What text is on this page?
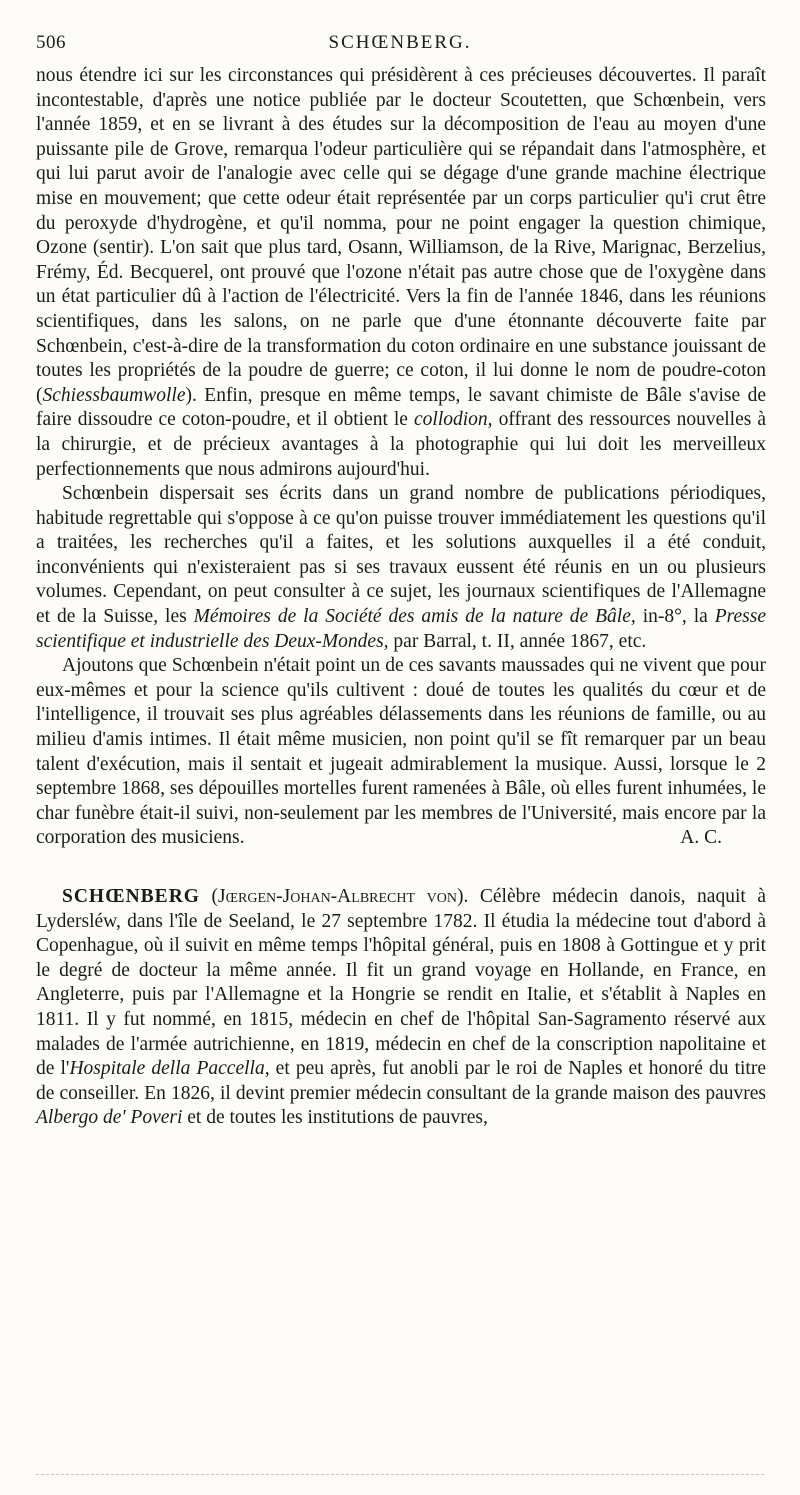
506	SCHŒNBERG.

nous étendre ici sur les circonstances qui présidèrent à ces précieuses découvertes. Il paraît incontestable, d'après une notice publiée par le docteur Scoutetten, que Schœnbein, vers l'année 1859, et en se livrant à des études sur la décomposition de l'eau au moyen d'une puissante pile de Grove, remarqua l'odeur particulière qui se répandait dans l'atmosphère, et qui lui parut avoir de l'analogie avec celle qui se dégage d'une grande machine électrique mise en mouvement; que cette odeur était représentée par un corps particulier qu'i crut être du peroxyde d'hydrogène, et qu'il nomma, pour ne point engager la question chimique, Ozone (sentir). L'on sait que plus tard, Osann, Williamson, de la Rive, Marignac, Berzelius, Frémy, Éd. Becquerel, ont prouvé que l'ozone n'était pas autre chose que de l'oxygène dans un état particulier dû à l'action de l'électricité. Vers la fin de l'année 1846, dans les réunions scientifiques, dans les salons, on ne parle que d'une étonnante découverte faite par Schœnbein, c'est-à-dire de la transformation du coton ordinaire en une substance jouissant de toutes les propriétés de la poudre de guerre; ce coton, il lui donne le nom de poudre-coton (Schiessbaumwolle). Enfin, presque en même temps, le savant chimiste de Bâle s'avise de faire dissoudre ce coton-poudre, et il obtient le collodion, offrant des ressources nouvelles à la chirurgie, et de précieux avantages à la photographie qui lui doit les merveilleux perfectionnements que nous admirons aujourd'hui.

Schœnbein dispersait ses écrits dans un grand nombre de publications périodiques, habitude regrettable qui s'oppose à ce qu'on puisse trouver immédiatement les questions qu'il a traitées, les recherches qu'il a faites, et les solutions auxquelles il a été conduit, inconvénients qui n'existeraient pas si ses travaux eussent été réunis en un ou plusieurs volumes. Cependant, on peut consulter à ce sujet, les journaux scientifiques de l'Allemagne et de la Suisse, les Mémoires de la Société des amis de la nature de Bâle, in-8°, la Presse scientifique et industrielle des Deux-Mondes, par Barral, t. II, année 1867, etc.

Ajoutons que Schœnbein n'était point un de ces savants maussades qui ne vivent que pour eux-mêmes et pour la science qu'ils cultivent : doué de toutes les qualités du cœur et de l'intelligence, il trouvait ses plus agréables délassements dans les réunions de famille, ou au milieu d'amis intimes. Il était même musicien, non point qu'il se fît remarquer par un beau talent d'exécution, mais il sentait et jugeait admirablement la musique. Aussi, lorsque le 2 septembre 1868, ses dépouilles mortelles furent ramenées à Bâle, où elles furent inhumées, le char funèbre était-il suivi, non-seulement par les membres de l'Université, mais encore par la corporation des musiciens.	A. C.

SCHŒNBERG (Jœrgen-Johan-Albrecht von). Célèbre médecin danois, naquit à Lydersléw, dans l'île de Seeland, le 27 septembre 1782. Il étudia la médecine tout d'abord à Copenhague, où il suivit en même temps l'hôpital général, puis en 1808 à Gottingue et y prit le degré de docteur la même année. Il fit un grand voyage en Hollande, en France, en Angleterre, puis par l'Allemagne et la Hongrie se rendit en Italie, et s'établit à Naples en 1811. Il y fut nommé, en 1815, médecin en chef de l'hôpital San-Sagramento réservé aux malades de l'armée autrichienne, en 1819, médecin en chef de la conscription napolitaine et de l'Hospitale della Paccella, et peu après, fut anobli par le roi de Naples et honoré du titre de conseiller. En 1826, il devint premier médecin consultant de la grande maison des pauvres Albergo de' Poveri et de toutes les institutions de pauvres,
